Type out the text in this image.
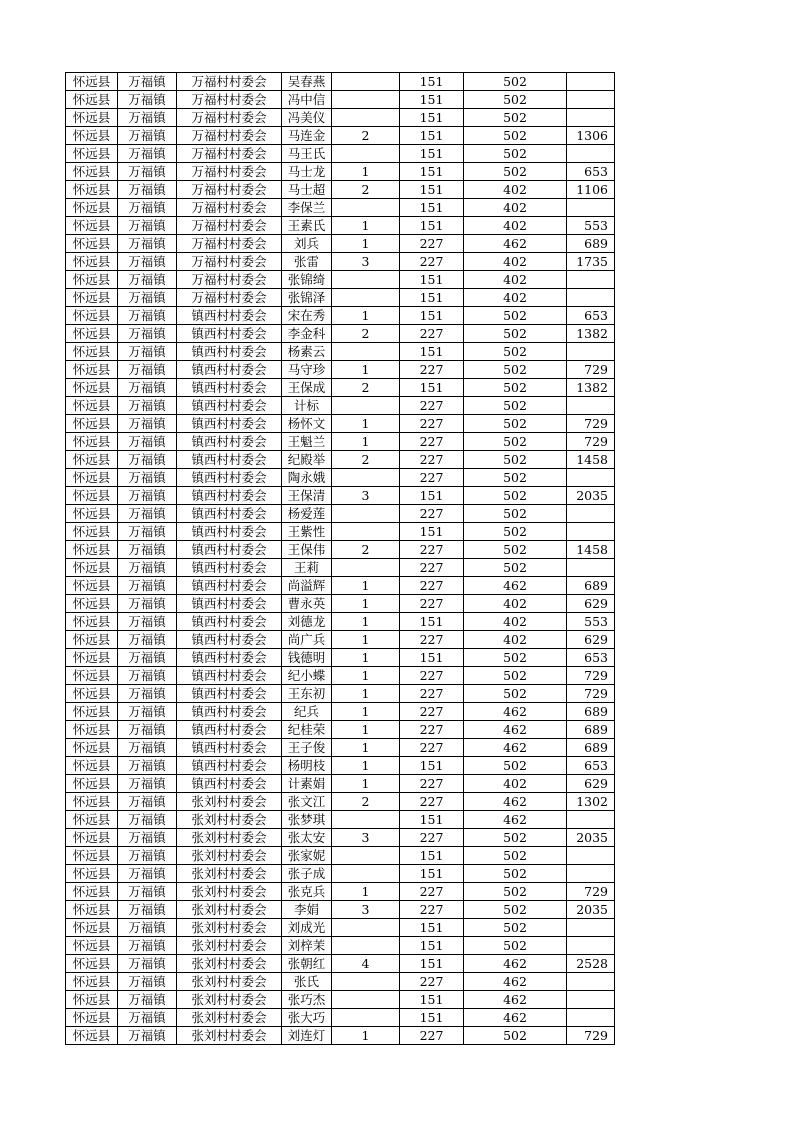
怀远县	万福镇	万福村村委会	吴春燕		151	502	
怀远县	万福镇	万福村村委会	冯中信		151	502	
怀远县	万福镇	万福村村委会	冯美仪		151	502	
怀远县	万福镇	万福村村委会	马连金	2	151	502	1306
怀远县	万福镇	万福村村委会	马王氏		151	502	
怀远县	万福镇	万福村村委会	马士龙	1	151	502	653
怀远县	万福镇	万福村村委会	马士超	2	151	402	1106
怀远县	万福镇	万福村村委会	李保兰		151	402	
怀远县	万福镇	万福村村委会	王素氏	1	151	402	553
怀远县	万福镇	万福村村委会	刘兵	1	227	462	689
怀远县	万福镇	万福村村委会	张雷	3	227	402	1735
怀远县	万福镇	万福村村委会	张锦绮		151	402	
怀远县	万福镇	万福村村委会	张锦泽		151	402	
怀远县	万福镇	镇西村村委会	宋在秀	1	151	502	653
怀远县	万福镇	镇西村村委会	李金科	2	227	502	1382
怀远县	万福镇	镇西村村委会	杨素云		151	502	
怀远县	万福镇	镇西村村委会	马守珍	1	227	502	729
怀远县	万福镇	镇西村村委会	王保成	2	151	502	1382
怀远县	万福镇	镇西村村委会	计标		227	502	
怀远县	万福镇	镇西村村委会	杨怀文	1	227	502	729
怀远县	万福镇	镇西村村委会	王魁兰	1	227	502	729
怀远县	万福镇	镇西村村委会	纪殿举	2	227	502	1458
怀远县	万福镇	镇西村村委会	陶永娥		227	502	
怀远县	万福镇	镇西村村委会	王保清	3	151	502	2035
怀远县	万福镇	镇西村村委会	杨爱莲		227	502	
怀远县	万福镇	镇西村村委会	王紫性		151	502	
怀远县	万福镇	镇西村村委会	王保伟	2	227	502	1458
怀远县	万福镇	镇西村村委会	王莉		227	502	
怀远县	万福镇	镇西村村委会	尚溢辉	1	227	462	689
怀远县	万福镇	镇西村村委会	曹永英	1	227	402	629
怀远县	万福镇	镇西村村委会	刘德龙	1	151	402	553
怀远县	万福镇	镇西村村委会	尚广兵	1	227	402	629
怀远县	万福镇	镇西村村委会	钱德明	1	151	502	653
怀远县	万福镇	镇西村村委会	纪小蝶	1	227	502	729
怀远县	万福镇	镇西村村委会	王东初	1	227	502	729
怀远县	万福镇	镇西村村委会	纪兵	1	227	462	689
怀远县	万福镇	镇西村村委会	纪桂荣	1	227	462	689
怀远县	万福镇	镇西村村委会	王子俊	1	227	462	689
怀远县	万福镇	镇西村村委会	杨明枝	1	151	502	653
怀远县	万福镇	镇西村村委会	计素娟	1	227	402	629
怀远县	万福镇	张刘村村委会	张文江	2	227	462	1302
怀远县	万福镇	张刘村村委会	张梦琪		151	462	
怀远县	万福镇	张刘村村委会	张太安	3	227	502	2035
怀远县	万福镇	张刘村村委会	张家妮		151	502	
怀远县	万福镇	张刘村村委会	张子成		151	502	
怀远县	万福镇	张刘村村委会	张克兵	1	227	502	729
怀远县	万福镇	张刘村村委会	李娟	3	227	502	2035
怀远县	万福镇	张刘村村委会	刘成光		151	502	
怀远县	万福镇	张刘村村委会	刘梓茉		151	502	
怀远县	万福镇	张刘村村委会	张朝红	4	151	462	2528
怀远县	万福镇	张刘村村委会	张氏		227	462	
怀远县	万福镇	张刘村村委会	张巧杰		151	462	
怀远县	万福镇	张刘村村委会	张大巧		151	462	
怀远县	万福镇	张刘村村委会	刘连灯	1	227	502	729
